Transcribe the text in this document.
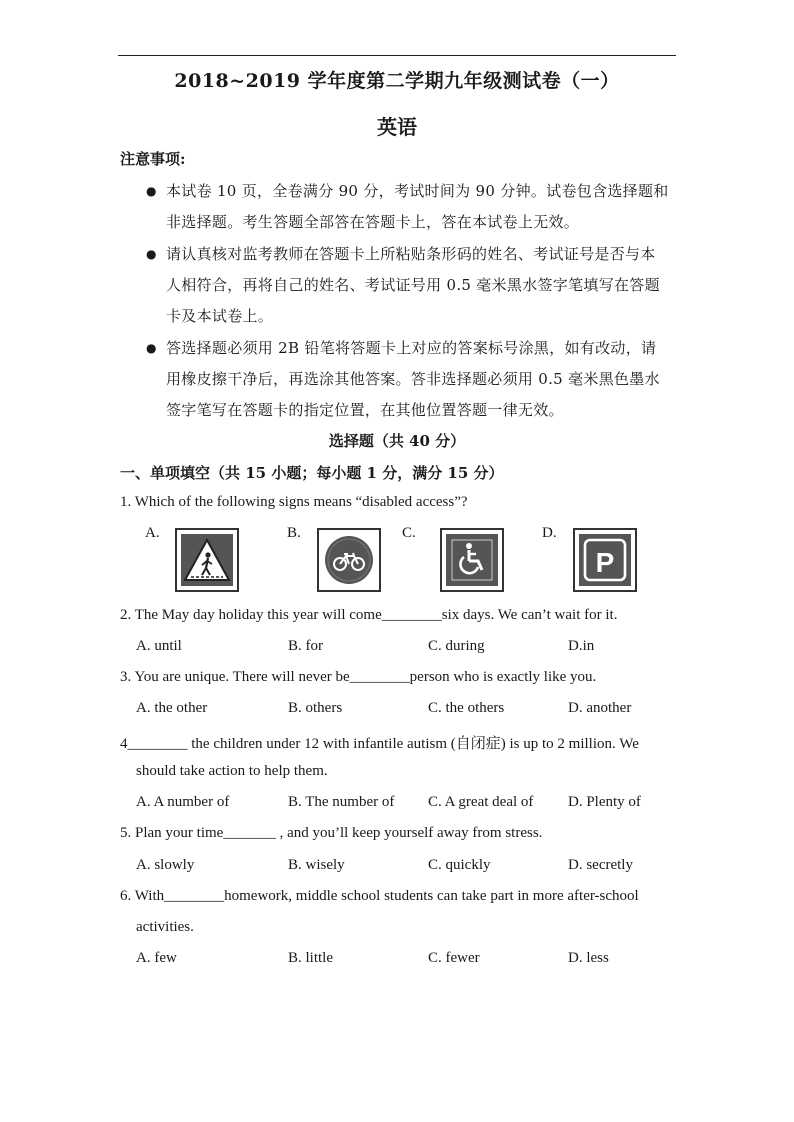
2018~2019 学年度第二学期九年级测试卷（一）
英语
注意事项:
● 本试卷 10 页，全卷满分 90 分，考试时间为 90 分钟。试卷包含选择题和
非选择题。考生答题全部答在答题卡上，答在本试卷上无效。
● 请认真核对监考教师在答题卡上所粘贴条形码的姓名、考试证号是否与本
人相符合，再将自己的姓名、考试证号用 0.5 毫米黑水签字笔填写在答题
卡及本试卷上。
● 答选择题必须用 2B 铅笔将答题卡上对应的答案标号涂黑，如有改动，请
用橡皮擦干净后，再选涂其他答案。答非选择题必须用 0.5 毫米黑色墨水
签字笔写在答题卡的指定位置，在其他位置答题一律无效。
选择题（共 40 分）
一、单项填空（共 15 小题；每小题 1 分，满分 15 分）
1. Which of the following signs means “disabled access”?
A.	B.	C.	D.
P
2. The May day holiday this year will come________six days. We can’t wait for it.
A. until	B. for	C. during	D.in
3. You are unique. There will never be________person who is exactly like you.
A. the other	B. others	C. the others	D. another
4________ the children under 12 with infantile autism (自闭症) is up to 2 million. We
should take action to help them.
A. A number of	B. The number of C. A great deal of D. Plenty of
5. Plan your time_______ , and you’ll keep yourself away from stress.
A. slowly	B. wisely	C. quickly	D. secretly
6. With________homework, middle school students can take part in more after-school
activities.
A. few	B. little	C. fewer	D. less
